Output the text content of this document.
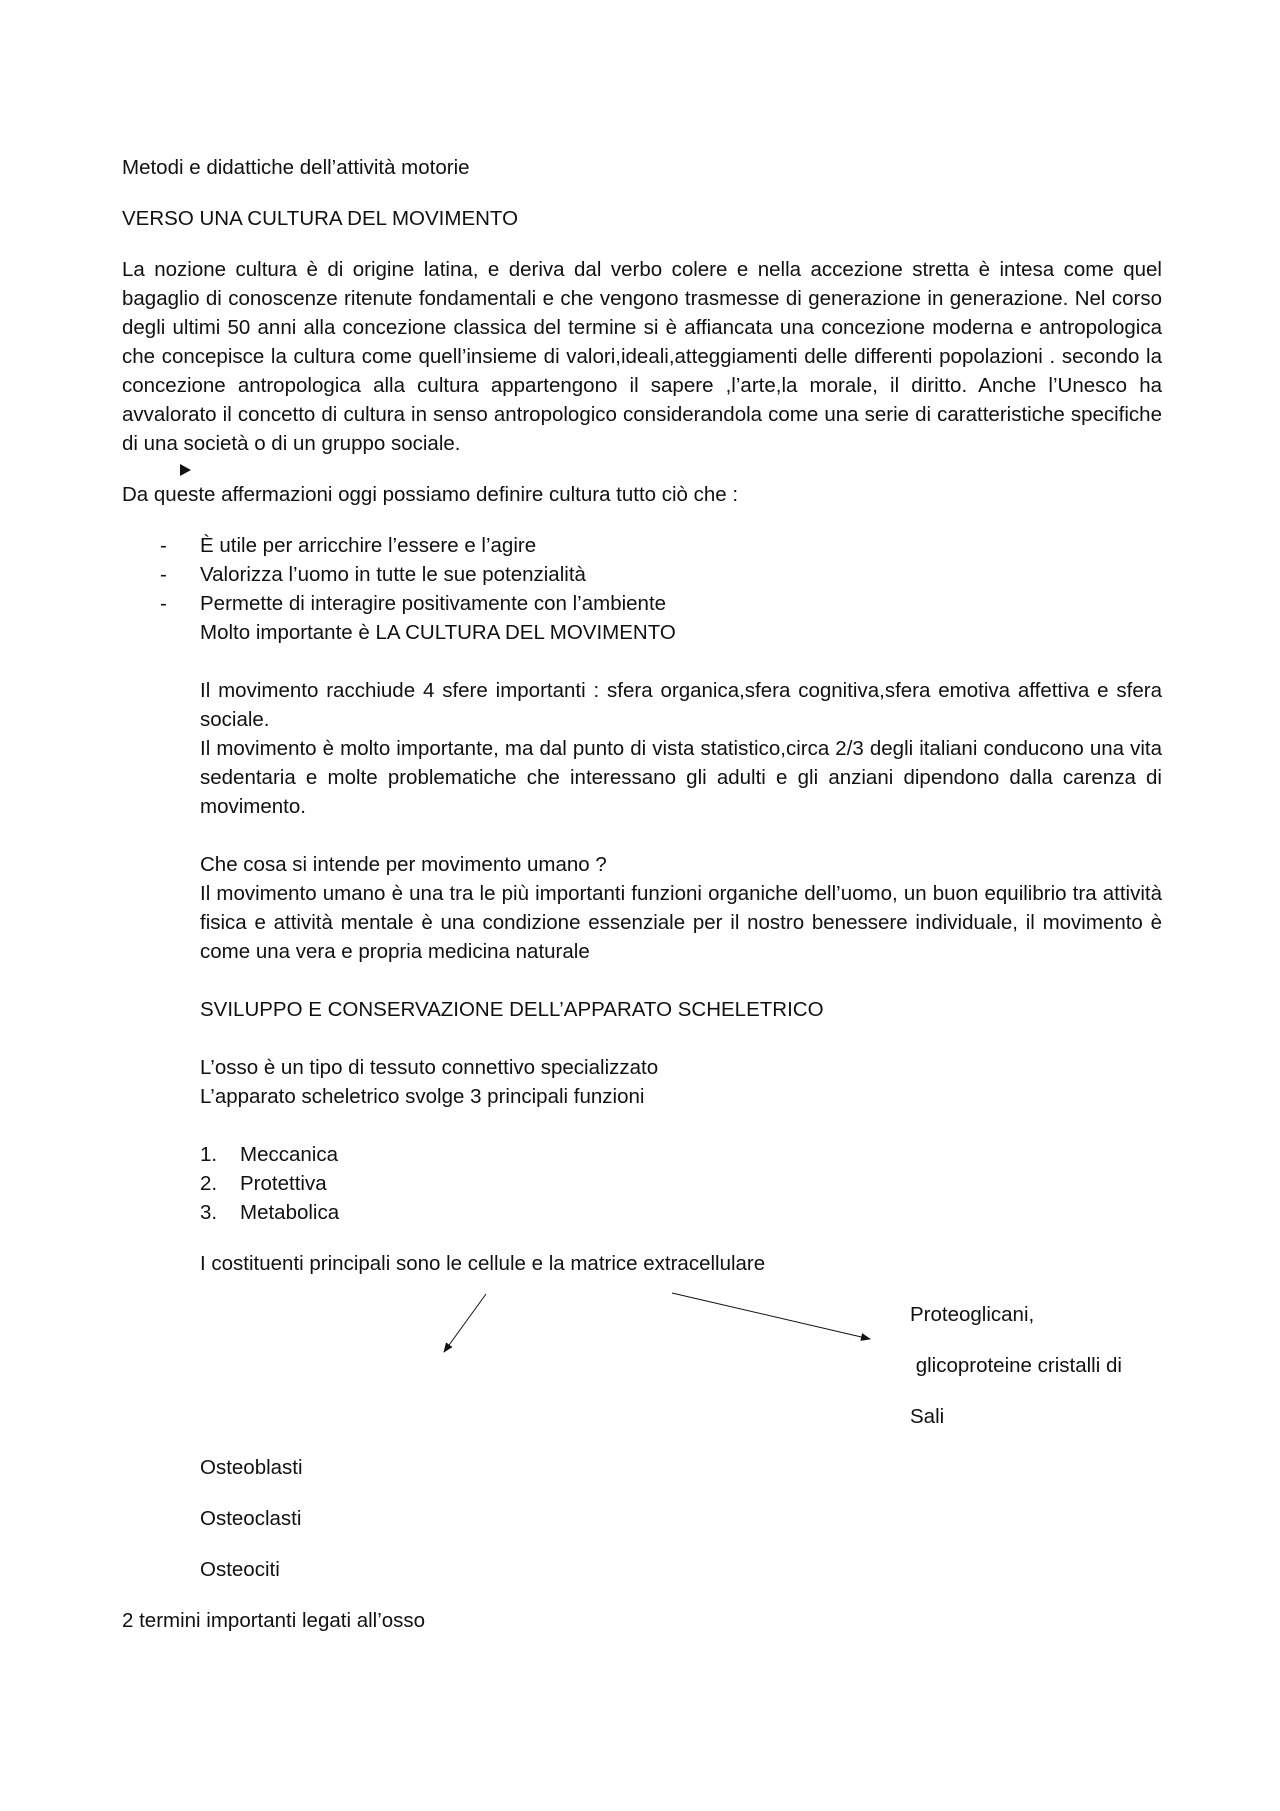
Metodi e didattiche dell’attività motorie
VERSO UNA CULTURA DEL MOVIMENTO
La nozione cultura è di origine latina, e deriva dal verbo colere e nella accezione stretta è intesa come quel bagaglio di conoscenze ritenute fondamentali e che vengono trasmesse di generazione in generazione. Nel corso degli ultimi 50 anni alla concezione classica del termine si è affiancata una concezione moderna e antropologica che concepisce la cultura come quell’insieme di valori,ideali,atteggiamenti delle differenti popolazioni . secondo la concezione antropologica alla cultura appartengono il sapere ,l’arte,la morale, il diritto. Anche l’Unesco ha avvalorato il concetto di cultura in senso antropologico considerandola come una serie di caratteristiche specifiche di una società o di un gruppo sociale.
Da queste affermazioni oggi possiamo definire cultura tutto ciò che :
- È utile per arricchire l’essere e l’agire
- Valorizza l’uomo in tutte le sue potenzialità
- Permette di interagire positivamente con l’ambiente
Molto importante è LA CULTURA DEL MOVIMENTO
Il movimento racchiude 4 sfere importanti : sfera organica,sfera cognitiva,sfera emotiva affettiva e sfera sociale.
Il movimento è molto importante, ma dal punto di vista statistico,circa 2/3 degli italiani conducono una vita sedentaria e molte problematiche che interessano gli adulti e gli anziani dipendono dalla carenza di movimento.
Che cosa si intende per movimento umano ?
Il movimento umano è una tra le più importanti funzioni organiche dell’uomo, un buon equilibrio tra attività fisica e attività mentale è una condizione essenziale per il nostro benessere individuale, il movimento è come una vera e propria medicina naturale
SVILUPPO E CONSERVAZIONE DELL’APPARATO SCHELETRICO
L’osso è un tipo di tessuto connettivo specializzato
L’apparato scheletrico svolge 3 principali funzioni
1. Meccanica
2. Protettiva
3. Metabolica
I costituenti principali sono le cellule e la matrice extracellulare
Proteoglicani,
glicoproteine cristalli di
Sali
Osteoblasti
Osteoclasti
Osteociti
2 termini importanti legati all’osso
